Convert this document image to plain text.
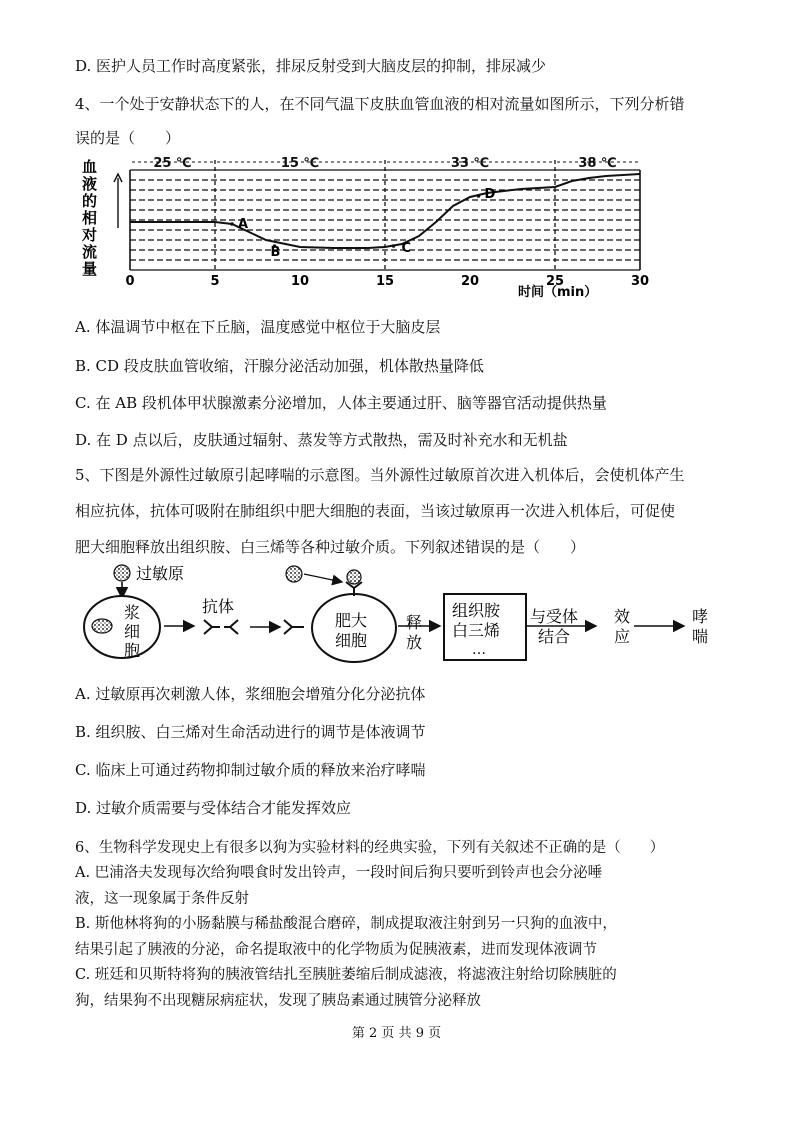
D. 医护人员工作时高度紧张，排尿反射受到大脑皮层的抑制，排尿减少
4、一个处于安静状态下的人，在不同气温下皮肤血管血液的相对流量如图所示，下列分析错
误的是（　　）
血
液
的
相
对
流
量
25 ℃	15 ℃	33 ℃	38 ℃
0	5	10	15	20	25	30
A
B	C
D
时间（min）
A. 体温调节中枢在下丘脑，温度感觉中枢位于大脑皮层
B. CD 段皮肤血管收缩，汗腺分泌活动加强，机体散热量降低
C. 在 AB 段机体甲状腺激素分泌增加，人体主要通过肝、脑等器官活动提供热量
D. 在 D 点以后，皮肤通过辐射、蒸发等方式散热，需及时补充水和无机盐
5、下图是外源性过敏原引起哮喘的示意图。当外源性过敏原首次进入机体后，会使机体产生
相应抗体，抗体可吸附在肺组织中肥大细胞的表面，当该过敏原再一次进入机体后，可促使
肥大细胞释放出组织胺、白三烯等各种过敏介质。下列叙述错误的是（　　）
过敏原
浆
细
胞
抗体
肥大
细胞
释
放
组织胺
白三烯
…
与受体
结合
效
应
哮
喘
A. 过敏原再次刺激人体，浆细胞会增殖分化分泌抗体
B. 组织胺、白三烯对生命活动进行的调节是体液调节
C. 临床上可通过药物抑制过敏介质的释放来治疗哮喘
D. 过敏介质需要与受体结合才能发挥效应
6、生物科学发现史上有很多以狗为实验材料的经典实验，下列有关叙述不正确的是（　　）
A. 巴浦洛夫发现每次给狗喂食时发出铃声，一段时间后狗只要听到铃声也会分泌唾
液，这一现象属于条件反射
B. 斯他林将狗的小肠黏膜与稀盐酸混合磨碎，制成提取液注射到另一只狗的血液中，
结果引起了胰液的分泌，命名提取液中的化学物质为促胰液素，进而发现体液调节
C. 班廷和贝斯特将狗的胰液管结扎至胰脏萎缩后制成滤液，将滤液注射给切除胰脏的
狗，结果狗不出现糖尿病症状，发现了胰岛素通过胰管分泌释放
第 2 页 共 9 页
